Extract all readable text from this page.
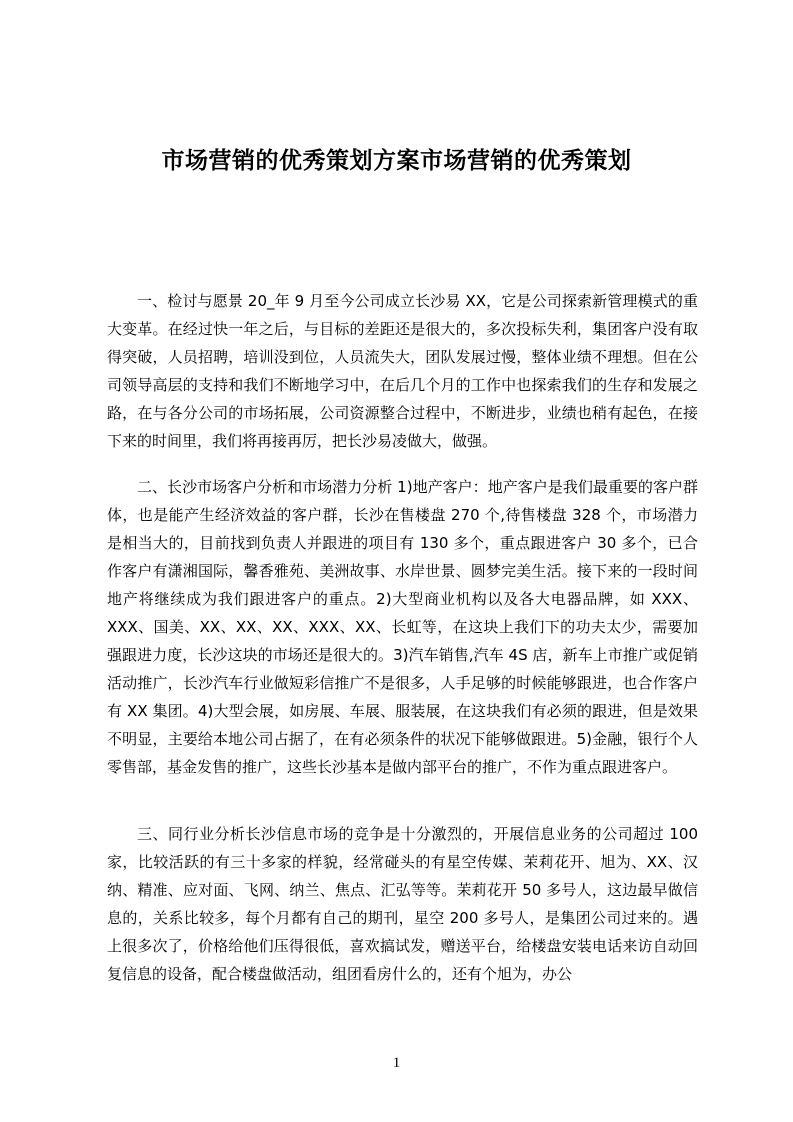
市场营销的优秀策划方案市场营销的优秀策划

一、检讨与愿景 20_年 9 月至今公司成立长沙易 XX，它是公司探索新管理模式的重大变革。在经过快一年之后，与目标的差距还是很大的，多次投标失利，集团客户没有取得突破，人员招聘，培训没到位，人员流失大，团队发展过慢，整体业绩不理想。但在公司领导高层的支持和我们不断地学习中，在后几个月的工作中也探索我们的生存和发展之路，在与各分公司的市场拓展，公司资源整合过程中，不断进步，业绩也稍有起色，在接下来的时间里，我们将再接再厉，把长沙易凌做大，做强。

二、长沙市场客户分析和市场潜力分析 1)地产客户：地产客户是我们最重要的客户群体，也是能产生经济效益的客户群，长沙在售楼盘 270 个,待售楼盘 328 个，市场潜力是相当大的，目前找到负责人并跟进的项目有 130 多个，重点跟进客户 30 多个，已合作客户有潇湘国际，馨香雅苑、美洲故事、水岸世景、圆梦完美生活。接下来的一段时间地产将继续成为我们跟进客户的重点。2)大型商业机构以及各大电器品牌，如 XXX、XXX、国美、XX、XX、XX、XXX、XX、长虹等，在这块上我们下的功夫太少，需要加强跟进力度，长沙这块的市场还是很大的。3)汽车销售,汽车 4S 店，新车上市推广或促销活动推广，长沙汽车行业做短彩信推广不是很多，人手足够的时候能够跟进，也合作客户有 XX 集团。4)大型会展，如房展、车展、服装展，在这块我们有必须的跟进，但是效果不明显，主要给本地公司占据了，在有必须条件的状况下能够做跟进。5)金融，银行个人零售部，基金发售的推广，这些长沙基本是做内部平台的推广，不作为重点跟进客户。

三、同行业分析长沙信息市场的竞争是十分激烈的，开展信息业务的公司超过 100 家，比较活跃的有三十多家的样貌，经常碰头的有星空传媒、茉莉花开、旭为、XX、汉纳、精准、应对面、飞网、纳兰、焦点、汇弘等等。茉莉花开 50 多号人，这边最早做信息的，关系比较多，每个月都有自己的期刊，星空 200 多号人，是集团公司过来的。遇上很多次了，价格给他们压得很低，喜欢搞试发，赠送平台，给楼盘安装电话来访自动回复信息的设备，配合楼盘做活动，组团看房什么的，还有个旭为，办公

1
